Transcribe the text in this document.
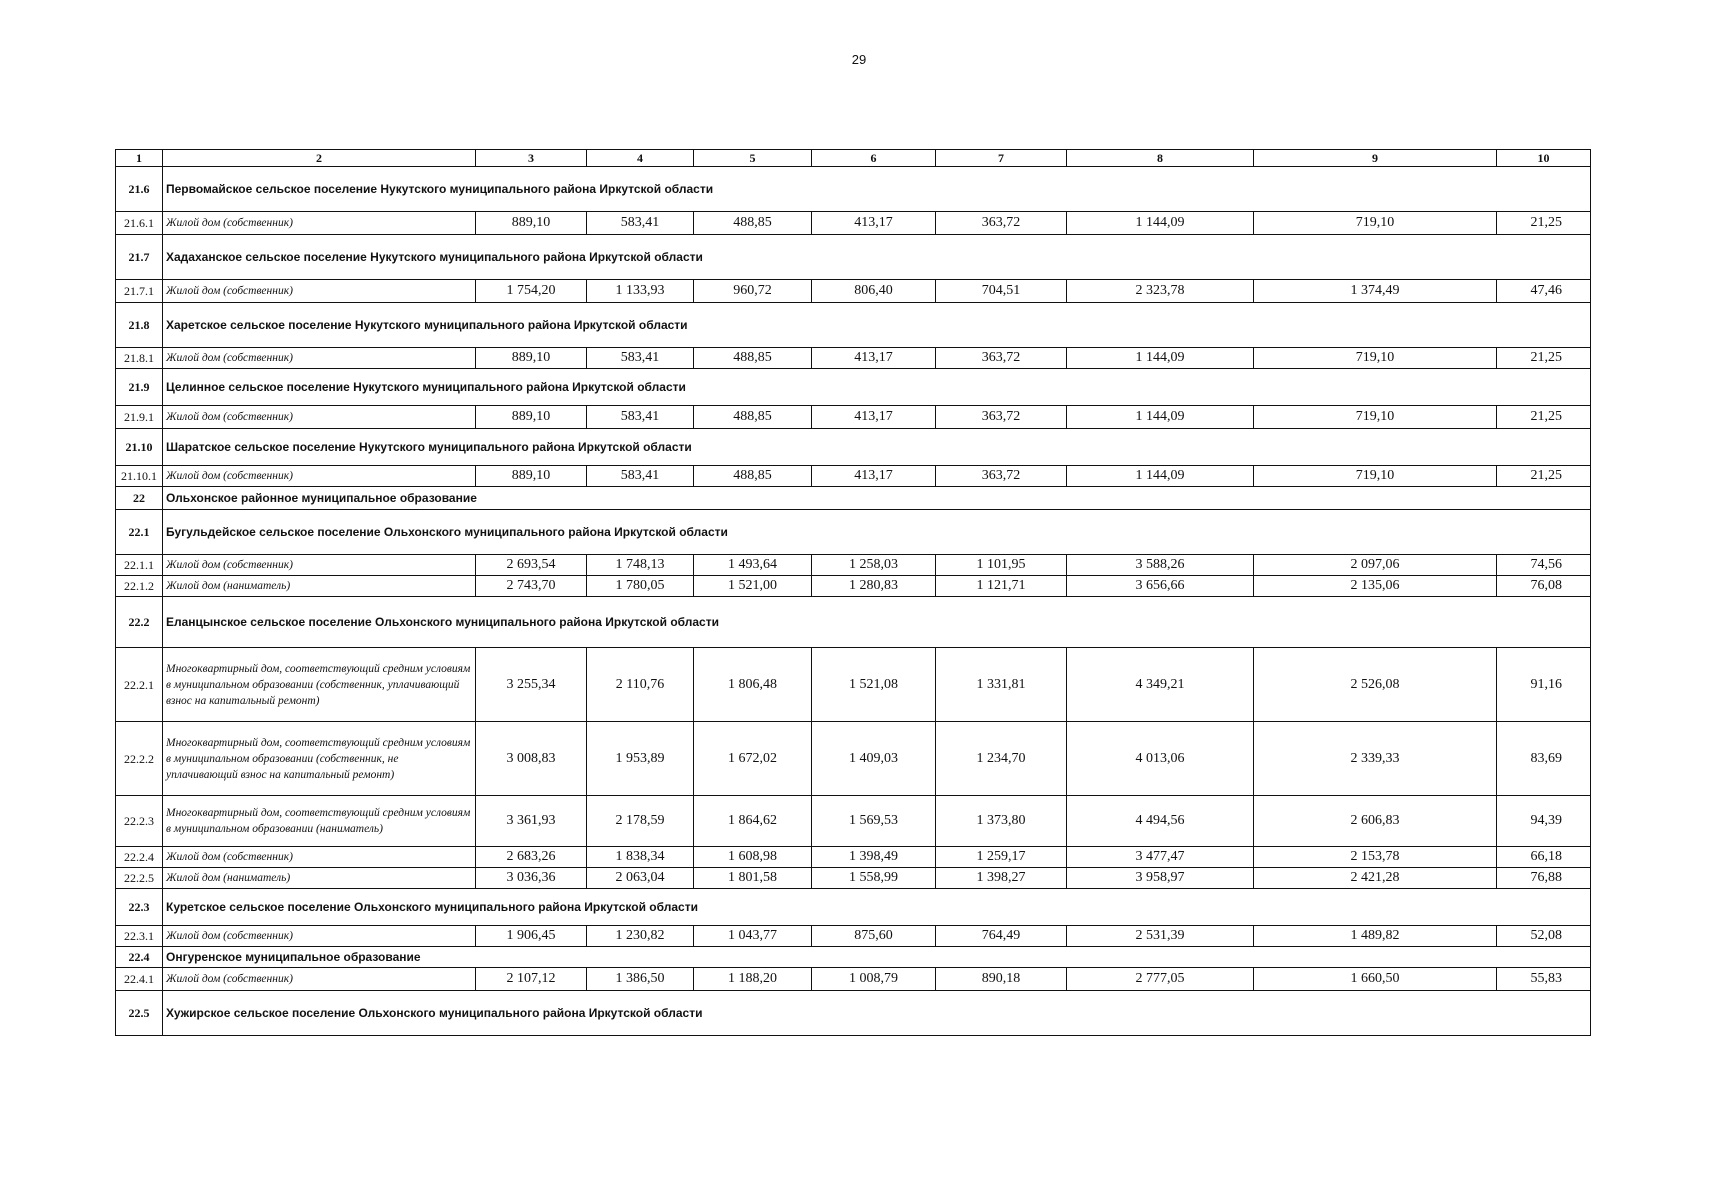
29
1	2	3	4	5	6	7	8	9	10
21.6	Первомайское сельское поселение Нукутского муниципального района Иркутской области								
21.6.1	Жилой дом (собственник)	889,10	583,41	488,85	413,17	363,72	1 144,09	719,10	21,25
21.7	Хадаханское сельское поселение Нукутского муниципального района Иркутской области								
21.7.1	Жилой дом (собственник)	1 754,20	1 133,93	960,72	806,40	704,51	2 323,78	1 374,49	47,46
21.8	Харетское сельское поселение Нукутского муниципального района Иркутской области								
21.8.1	Жилой дом (собственник)	889,10	583,41	488,85	413,17	363,72	1 144,09	719,10	21,25
21.9	Целинное сельское поселение Нукутского муниципального района Иркутской области								
21.9.1	Жилой дом (собственник)	889,10	583,41	488,85	413,17	363,72	1 144,09	719,10	21,25
21.10	Шаратское сельское поселение Нукутского муниципального района Иркутской области								
21.10.1	Жилой дом (собственник)	889,10	583,41	488,85	413,17	363,72	1 144,09	719,10	21,25
22	Ольхонское районное муниципальное образование								
22.1	Бугульдейское сельское поселение Ольхонского муниципального района Иркутской области								
22.1.1	Жилой дом (собственник)	2 693,54	1 748,13	1 493,64	1 258,03	1 101,95	3 588,26	2 097,06	74,56
22.1.2	Жилой дом (наниматель)	2 743,70	1 780,05	1 521,00	1 280,83	1 121,71	3 656,66	2 135,06	76,08
22.2	Еланцынское сельское поселение Ольхонского муниципального района Иркутской области								
22.2.1	Многоквартирный дом, соответствующий средним условиям в муниципальном образовании (собственник, уплачивающий взнос на капитальный ремонт)	3 255,34	2 110,76	1 806,48	1 521,08	1 331,81	4 349,21	2 526,08	91,16
22.2.2	Многоквартирный дом, соответствующий средним условиям в муниципальном образовании (собственник, не уплачивающий взнос на капитальный ремонт)	3 008,83	1 953,89	1 672,02	1 409,03	1 234,70	4 013,06	2 339,33	83,69
22.2.3	Многоквартирный дом, соответствующий средним условиям в муниципальном образовании (наниматель)	3 361,93	2 178,59	1 864,62	1 569,53	1 373,80	4 494,56	2 606,83	94,39
22.2.4	Жилой дом (собственник)	2 683,26	1 838,34	1 608,98	1 398,49	1 259,17	3 477,47	2 153,78	66,18
22.2.5	Жилой дом (наниматель)	3 036,36	2 063,04	1 801,58	1 558,99	1 398,27	3 958,97	2 421,28	76,88
22.3	Куретское сельское поселение Ольхонского муниципального района Иркутской области								
22.3.1	Жилой дом (собственник)	1 906,45	1 230,82	1 043,77	875,60	764,49	2 531,39	1 489,82	52,08
22.4	Онгуренское муниципальное образование								
22.4.1	Жилой дом (собственник)	2 107,12	1 386,50	1 188,20	1 008,79	890,18	2 777,05	1 660,50	55,83
22.5	Хужирское сельское поселение Ольхонского муниципального района Иркутской области								
